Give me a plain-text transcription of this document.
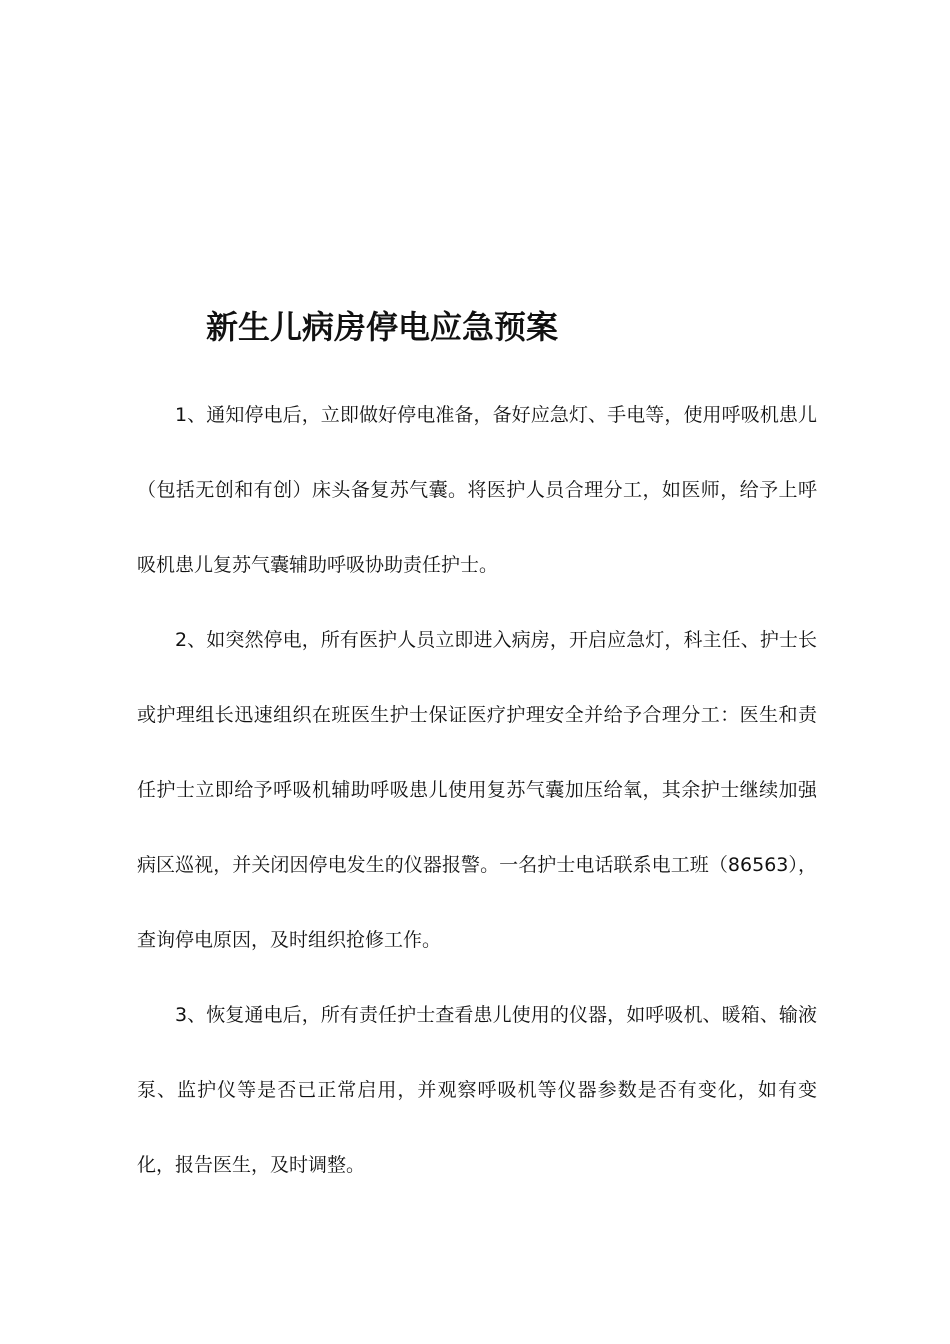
新生儿病房停电应急预案

1、通知停电后，立即做好停电准备，备好应急灯、手电等，使用呼吸机患儿（包括无创和有创）床头备复苏气囊。将医护人员合理分工，如医师，给予上呼吸机患儿复苏气囊辅助呼吸协助责任护士。

2、如突然停电，所有医护人员立即进入病房，开启应急灯，科主任、护士长或护理组长迅速组织在班医生护士保证医疗护理安全并给予合理分工：医生和责任护士立即给予呼吸机辅助呼吸患儿使用复苏气囊加压给氧，其余护士继续加强病区巡视，并关闭因停电发生的仪器报警。一名护士电话联系电工班（86563），查询停电原因，及时组织抢修工作。

3、恢复通电后，所有责任护士查看患儿使用的仪器，如呼吸机、暖箱、输液泵、监护仪等是否已正常启用，并观察呼吸机等仪器参数是否有变化，如有变化，报告医生，及时调整。
